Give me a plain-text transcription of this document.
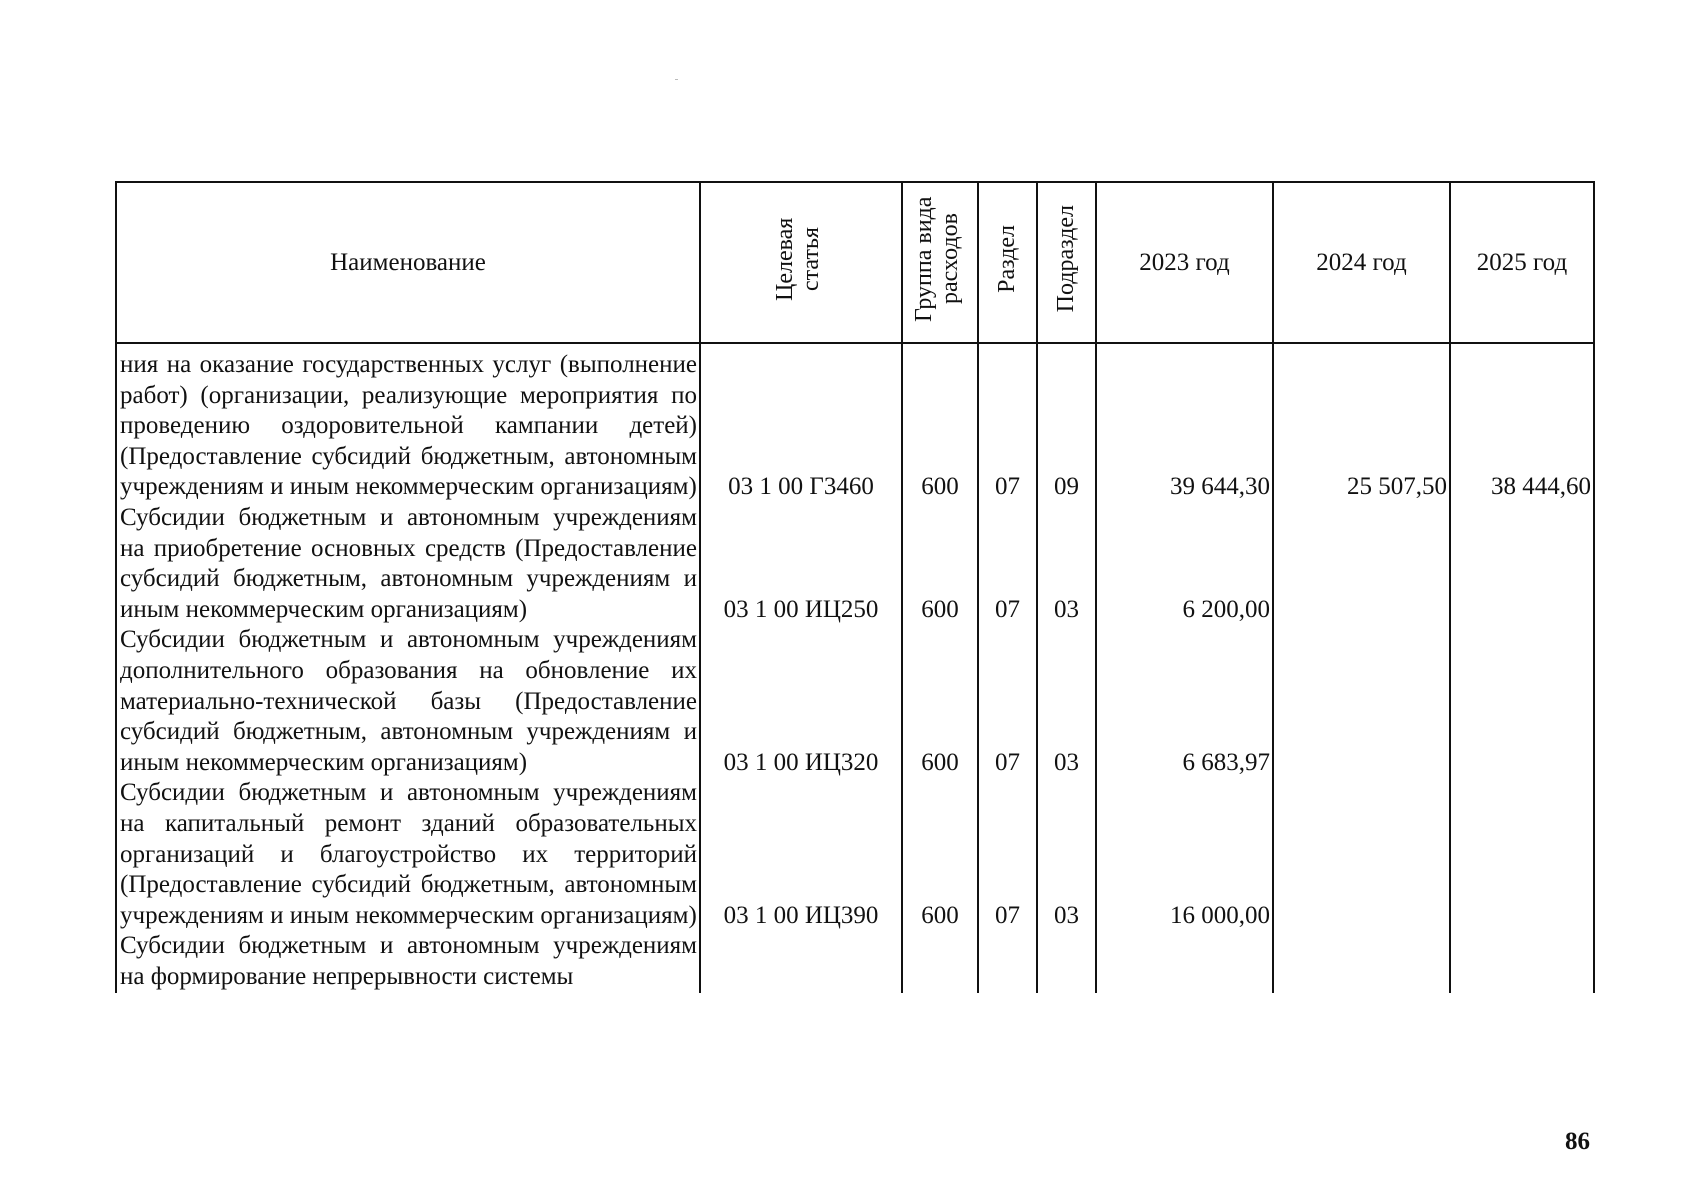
Наименование	Целевая статья	Группа вида расходов	Раздел	Подраздел	2023 год	2024 год	2025 год
ния на оказание государственных услуг (выполнение работ) (организации, реализующие мероприятия по проведению оздоровительной кампании детей) (Предоставление субсидий бюджетным, автономным учреждениям и иным некоммерческим организациям)	03 1 00 Г3460	600	07	09	39 644,30	25 507,50	38 444,60
Субсидии бюджетным и автономным учреждениям на приобретение основных средств (Предоставление субсидий бюджетным, автономным учреждениям и иным некоммерческим организациям)	03 1 00 ИЦ250	600	07	03	6 200,00		
Субсидии бюджетным и автономным учреждениям дополнительного образования на обновление их материально-технической базы (Предоставление субсидий бюджетным, автономным учреждениям и иным некоммерческим организациям)	03 1 00 ИЦ320	600	07	03	6 683,97		
Субсидии бюджетным и автономным учреждениям на капитальный ремонт зданий образовательных организаций и благоустройство их территорий (Предоставление субсидий бюджетным, автономным учреждениям и иным некоммерческим организациям)	03 1 00 ИЦ390	600	07	03	16 000,00		
Субсидии бюджетным и автономным учреждениям на формирование непрерывности системы							
86
